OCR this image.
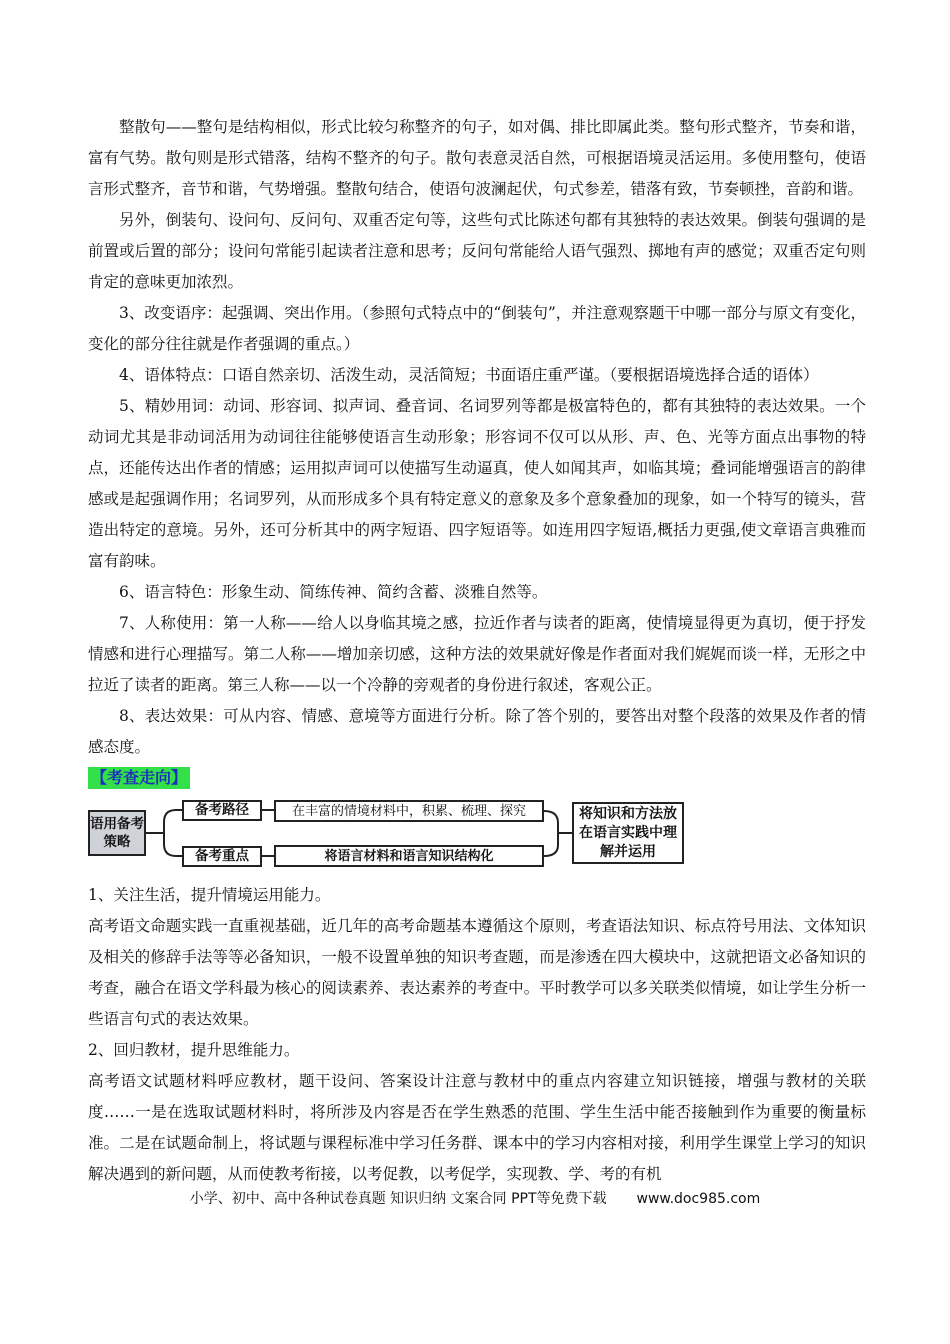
整散句——整句是结构相似，形式比较匀称整齐的句子，如对偶、排比即属此类。整句形式整齐，节奏和谐，富有气势。散句则是形式错落，结构不整齐的句子。散句表意灵活自然，可根据语境灵活运用。多使用整句，使语言形式整齐，音节和谐，气势增强。整散句结合，使语句波澜起伏，句式参差，错落有致，节奏顿挫，音韵和谐。

另外，倒装句、设问句、反问句、双重否定句等，这些句式比陈述句都有其独特的表达效果。倒装句强调的是前置或后置的部分；设问句常能引起读者注意和思考；反问句常能给人语气强烈、掷地有声的感觉；双重否定句则肯定的意味更加浓烈。

3、改变语序：起强调、突出作用。（参照句式特点中的“倒装句”，并注意观察题干中哪一部分与原文有变化，变化的部分往往就是作者强调的重点。）

4、语体特点：口语自然亲切、活泼生动，灵活简短；书面语庄重严谨。（要根据语境选择合适的语体）

5、精妙用词：动词、形容词、拟声词、叠音词、名词罗列等都是极富特色的，都有其独特的表达效果。一个动词尤其是非动词活用为动词往往能够使语言生动形象；形容词不仅可以从形、声、色、光等方面点出事物的特点，还能传达出作者的情感；运用拟声词可以使描写生动逼真，使人如闻其声，如临其境；叠词能增强语言的韵律感或是起强调作用；名词罗列，从而形成多个具有特定意义的意象及多个意象叠加的现象，如一个特写的镜头，营造出特定的意境。另外，还可分析其中的两字短语、四字短语等。如连用四字短语,概括力更强,使文章语言典雅而富有韵味。

6、语言特色：形象生动、简练传神、简约含蓄、淡雅自然等。

7、人称使用：第一人称——给人以身临其境之感，拉近作者与读者的距离，使情境显得更为真切，便于抒发情感和进行心理描写。第二人称——增加亲切感，这种方法的效果就好像是作者面对我们娓娓而谈一样，无形之中拉近了读者的距离。第三人称——以一个冷静的旁观者的身份进行叙述，客观公正。

8、表达效果：可从内容、情感、意境等方面进行分析。除了答个别的，要答出对整个段落的效果及作者的情感态度。

【考查走向】
语用备考策略
备考路径
备考重点
在丰富的情境材料中，积累、梳理、探究
将语言材料和语言知识结构化
将知识和方法放在语言实践中理解并运用

1、关注生活，提升情境运用能力。

高考语文命题实践一直重视基础，近几年的高考命题基本遵循这个原则，考查语法知识、标点符号用法、文体知识及相关的修辞手法等等必备知识，一般不设置单独的知识考查题，而是渗透在四大模块中，这就把语文必备知识的考查，融合在语文学科最为核心的阅读素养、表达素养的考查中。平时教学可以多关联类似情境，如让学生分析一些语言句式的表达效果。

2、回归教材，提升思维能力。

高考语文试题材料呼应教材，题干设问、答案设计注意与教材中的重点内容建立知识链接，增强与教材的关联度……一是在选取试题材料时，将所涉及内容是否在学生熟悉的范围、学生生活中能否接触到作为重要的衡量标准。二是在试题命制上，将试题与课程标准中学习任务群、课本中的学习内容相对接，利用学生课堂上学习的知识解决遇到的新问题，从而使教考衔接，以考促教，以考促学，实现教、学、考的有机

小学、初中、高中各种试卷真题 知识归纳 文案合同 PPT等免费下载 www.doc985.com
